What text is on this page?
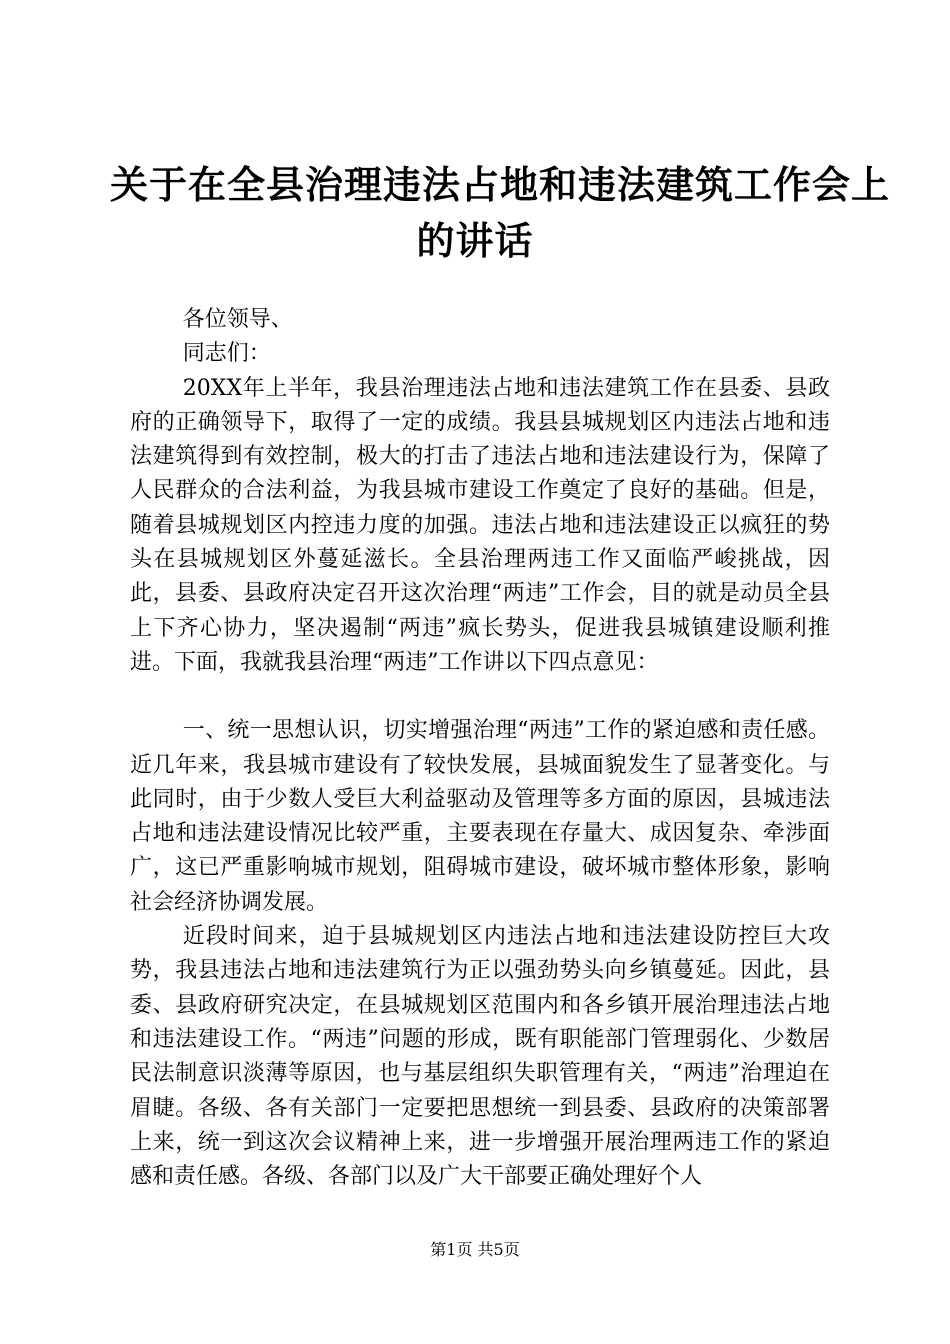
关于在全县治理违法占地和违法建筑工作会上
的讲话

各位领导、

同志们：

20XX年上半年，我县治理违法占地和违法建筑工作在县委、县政府的正确领导下，取得了一定的成绩。我县县城规划区内违法占地和违法建筑得到有效控制，极大的打击了违法占地和违法建设行为，保障了人民群众的合法利益，为我县城市建设工作奠定了良好的基础。但是，随着县城规划区内控违力度的加强。违法占地和违法建设正以疯狂的势头在县城规划区外蔓延滋长。全县治理两违工作又面临严峻挑战，因此，县委、县政府决定召开这次治理“两违”工作会，目的就是动员全县上下齐心协力，坚决遏制“两违”疯长势头，促进我县城镇建设顺利推进。下面，我就我县治理“两违”工作讲以下四点意见：

一、统一思想认识，切实增强治理“两违”工作的紧迫感和责任感。近几年来，我县城市建设有了较快发展，县城面貌发生了显著变化。与此同时，由于少数人受巨大利益驱动及管理等多方面的原因，县城违法占地和违法建设情况比较严重，主要表现在存量大、成因复杂、牵涉面广，这已严重影响城市规划，阻碍城市建设，破坏城市整体形象，影响社会经济协调发展。

近段时间来，迫于县城规划区内违法占地和违法建设防控巨大攻势，我县违法占地和违法建筑行为正以强劲势头向乡镇蔓延。因此，县委、县政府研究决定，在县城规划区范围内和各乡镇开展治理违法占地和违法建设工作。“两违”问题的形成，既有职能部门管理弱化、少数居民法制意识淡薄等原因，也与基层组织失职管理有关，“两违”治理迫在眉睫。各级、各有关部门一定要把思想统一到县委、县政府的决策部署上来，统一到这次会议精神上来，进一步增强开展治理两违工作的紧迫感和责任感。各级、各部门以及广大干部要正确处理好个人

第1页 共5页
